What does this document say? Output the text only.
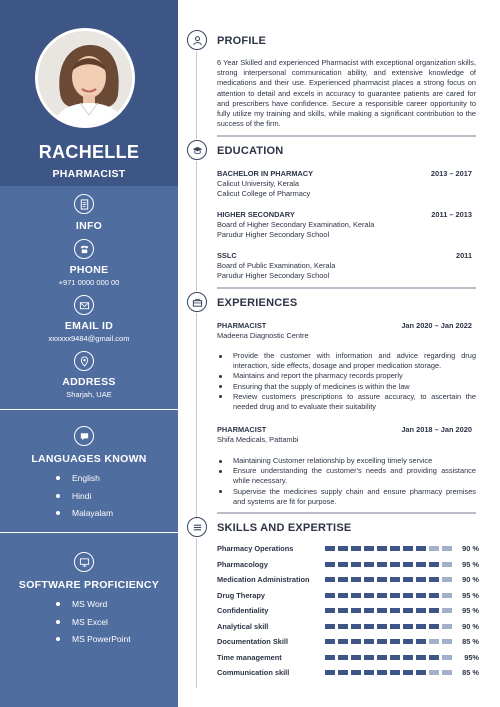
RACHELLE
PHARMACIST
INFO
PHONE
+971 0000 000 00
EMAIL ID
xxxxxx9484@gmail.com
ADDRESS
Sharjah, UAE
LANGUAGES KNOWN
English
Hindi
Malayalam
SOFTWARE PROFICIENCY
MS Word
MS Excel
MS PowerPoint
PROFILE
6 Year Skilled and experienced Pharmacist with exceptional organization skills, strong interpersonal communication ability, and extensive knowledge of medications and their use. Experienced pharmacist places a strong focus on attention to detail and excels in accuracy to guarantee patients are cared for and prescribers have confidence. Secure a responsible career opportunity to fully utilize my training and skills, while making a significant contribution to the success of the firm.
EDUCATION
BACHELOR IN PHARMACY	2013 – 2017
Calicut University, Kerala
Calicut College of Pharmacy
HIGHER SECONDARY	2011 – 2013
Board of Higher Secondary Examination, Kerala
Parudur Higher Secondary School
SSLC	2011
Board of Public Examination, Kerala
Parudur Higher Secondary School
EXPERIENCES
PHARMACIST	Jan 2020 – Jan 2022
Madeena Diagnostic Centre
Provide the customer with information and advice regarding drug interaction, side effects, dosage and proper medication storage.
Maintains and report the pharmacy records properly
Ensuring that the supply of medicines is within the law
Review customers prescriptions to assure accuracy, to ascertain the needed drug and to evaluate their suitability
PHARMACIST	Jan 2018 – Jan 2020
Shifa Medicals, Pattambi
Maintaining Customer relationship by excelling timely service
Ensure understanding the customer's needs and providing assistance while necessary.
Supervise the medicines supply chain and ensure pharmacy premises and systems are fit for purpose.
SKILLS AND EXPERTISE
Pharmacy Operations	90 %
Pharmacology	95 %
Medication Administration	90 %
Drug Therapy	95 %
Confidentiality	95 %
Analytical skill	90 %
Documentation Skill	85 %
Time management	95%
Communication skill	85 %
